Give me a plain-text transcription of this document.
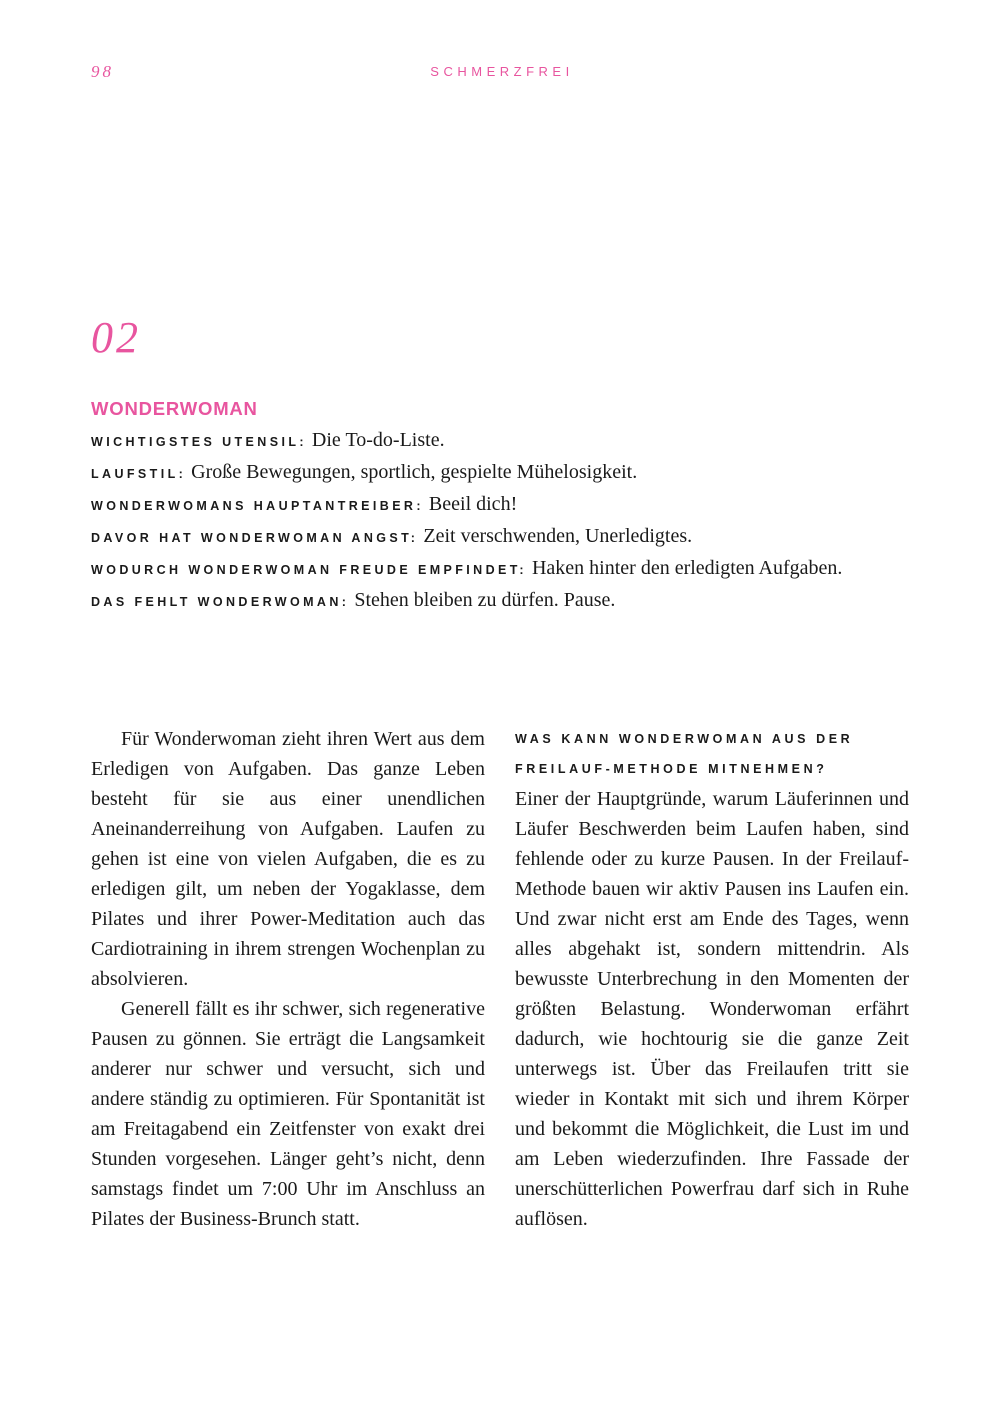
98	SCHMERZFREI
02
WONDERWOMAN
WICHTIGSTES UTENSIL: Die To-do-Liste.
LAUFSTIL: Große Bewegungen, sportlich, gespielte Mühelosigkeit.
WONDERWOMANS HAUPTANTREIBER: Beeil dich!
DAVOR HAT WONDERWOMAN ANGST: Zeit verschwenden, Unerledigtes.
WODURCH WONDERWOMAN FREUDE EMPFINDET: Haken hinter den erledigten Aufgaben.
DAS FEHLT WONDERWOMAN: Stehen bleiben zu dürfen. Pause.

Für Wonderwoman zieht ihren Wert aus dem Erledigen von Aufgaben. Das ganze Leben besteht für sie aus einer unendlichen Aneinanderreihung von Aufgaben. Laufen zu gehen ist eine von vielen Aufgaben, die es zu erledigen gilt, um neben der Yogaklasse, dem Pilates und ihrer Power-Meditation auch das Cardiotraining in ihrem strengen Wochenplan zu absolvieren.

Generell fällt es ihr schwer, sich regenerative Pausen zu gönnen. Sie erträgt die Langsamkeit anderer nur schwer und versucht, sich und andere ständig zu optimieren. Für Spontanität ist am Freitagabend ein Zeitfenster von exakt drei Stunden vorgesehen. Länger geht’s nicht, denn samstags findet um 7:00 Uhr im Anschluss an Pilates der Business-Brunch statt.

WAS KANN WONDERWOMAN AUS DER FREILAUF-METHODE MITNEHMEN?

Einer der Hauptgründe, warum Läuferinnen und Läufer Beschwerden beim Laufen haben, sind fehlende oder zu kurze Pausen. In der Freilauf-Methode bauen wir aktiv Pausen ins Laufen ein. Und zwar nicht erst am Ende des Tages, wenn alles abgehakt ist, sondern mittendrin. Als bewusste Unterbrechung in den Momenten der größten Belastung. Wonderwoman erfährt dadurch, wie hochtourig sie die ganze Zeit unterwegs ist. Über das Freilaufen tritt sie wieder in Kontakt mit sich und ihrem Körper und bekommt die Möglichkeit, die Lust im und am Leben wiederzufinden. Ihre Fassade der unerschütterlichen Powerfrau darf sich in Ruhe auflösen.
